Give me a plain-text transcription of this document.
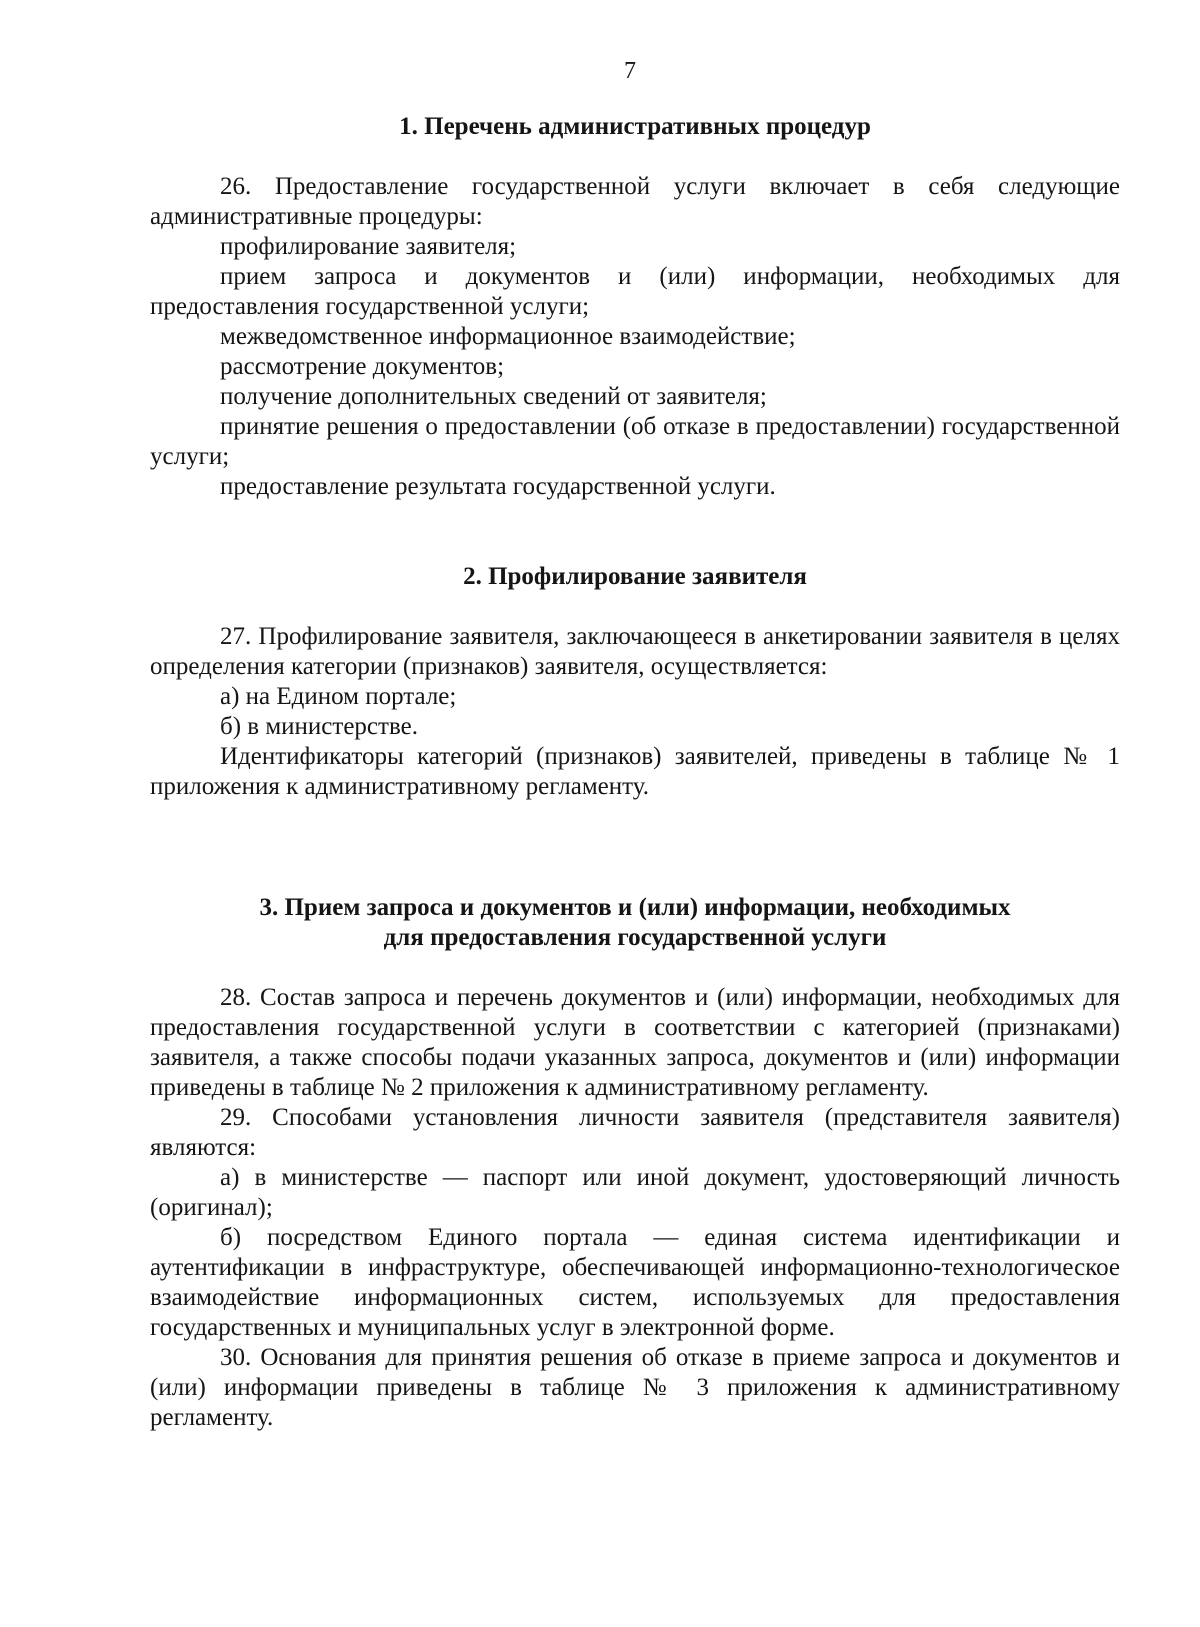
7
1. Перечень административных процедур

26. Предоставление государственной услуги включает в себя следующие административные процедуры:

профилирование заявителя;

прием запроса и документов и (или) информации, необходимых для предоставления государственной услуги;

межведомственное информационное взаимодействие;

рассмотрение документов;

получение дополнительных сведений от заявителя;

принятие решения о предоставлении (об отказе в предоставлении) государственной услуги;

предоставление результата государственной услуги.

2. Профилирование заявителя

27. Профилирование заявителя, заключающееся в анкетировании заявителя в целях определения категории (признаков) заявителя, осуществляется:

а) на Едином портале;

б) в министерстве.

Идентификаторы категорий (признаков) заявителей, приведены в таблице № 1 приложения к административному регламенту.

3. Прием запроса и документов и (или) информации, необходимых
для предоставления государственной услуги

28. Состав запроса и перечень документов и (или) информации, необходимых для предоставления государственной услуги в соответствии с категорией (признаками) заявителя, а также способы подачи указанных запроса, документов и (или) информации приведены в таблице № 2 приложения к административному регламенту.

29. Способами установления личности заявителя (представителя заявителя) являются:

а) в министерстве — паспорт или иной документ, удостоверяющий личность (оригинал);

б) посредством Единого портала — единая система идентификации и аутентификации в инфраструктуре, обеспечивающей информационно-технологическое взаимодействие информационных систем, используемых для предоставления государственных и муниципальных услуг в электронной форме.

30. Основания для принятия решения об отказе в приеме запроса и документов и (или) информации приведены в таблице № 3 приложения к административному регламенту.
